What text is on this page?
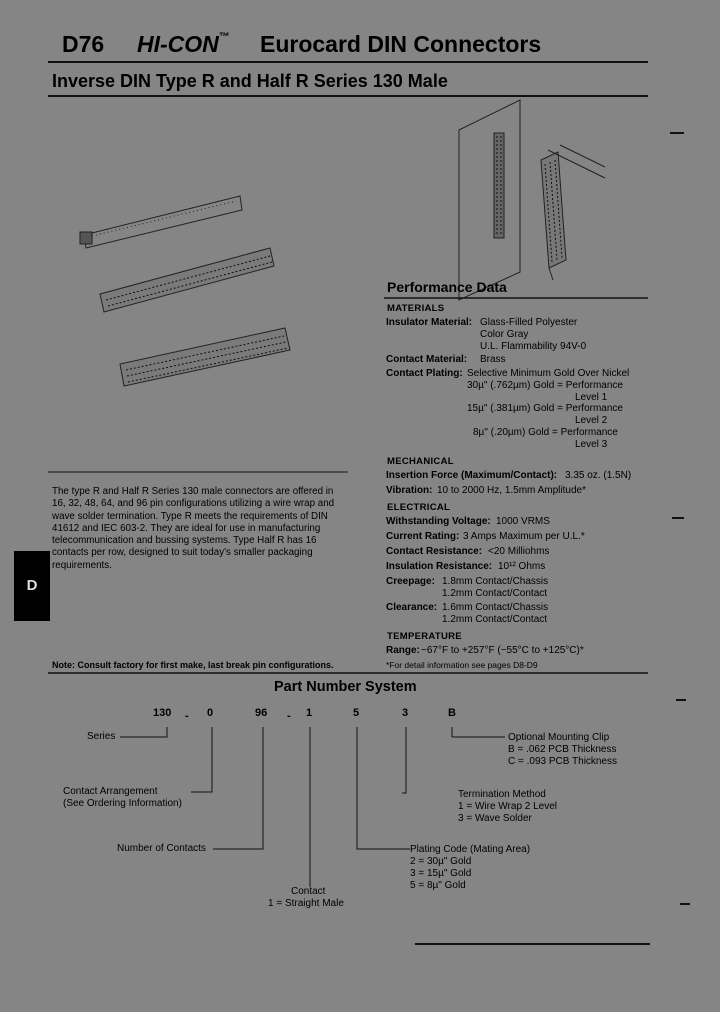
D76 HI-CON™ Eurocard DIN Connectors
Inverse DIN Type R and Half R Series 130 Male
Performance Data
MATERIALS
Insulator Material: Glass-Filled Polyester
Color Gray
U.L. Flammability 94V-0
Contact Material: Brass
Contact Plating: Selective Minimum Gold Over Nickel
30µ" (.762µm) Gold = Performance
Level 1
15µ" (.381µm) Gold = Performance
Level 2
8µ" (.20µm) Gold = Performance
Level 3
MECHANICAL
Insertion Force (Maximum/Contact): 3.35 oz. (1.5N)
Vibration: 10 to 2000 Hz, 1.5mm Amplitude*
ELECTRICAL
Withstanding Voltage: 1000 VRMS
Current Rating: 3 Amps Maximum per U.L.*
Contact Resistance: <20 Milliohms
Insulation Resistance: 10¹² Ohms
Creepage: 1.8mm Contact/Chassis
1.2mm Contact/Contact
Clearance: 1.6mm Contact/Chassis
1.2mm Contact/Contact
TEMPERATURE
Range: −67°F to +257°F (−55°C to +125°C)*
*For detail information see pages D8-D9
The type R and Half R Series 130 male connectors are offered in 16, 32, 48, 64, and 96 pin configurations utilizing a wire wrap and wave solder termination. Type R meets the requirements of DIN 41612 and IEC 603-2. They are ideal for use in manufacturing telecommunication and bussing systems. Type Half R has 16 contacts per row, designed to suit today's smaller packaging requirements.
D
Note: Consult factory for first make, last break pin configurations.
Part Number System
130 - 0	96 - 1	5	3	B
Series
Contact Arrangement
(See Ordering Information)
Number of Contacts
Contact
1 = Straight Male
Plating Code (Mating Area)
2 = 30µ" Gold
3 = 15µ" Gold
5 = 8µ" Gold
Termination Method
1 = Wire Wrap 2 Level
3 = Wave Solder
Optional Mounting Clip
B = .062 PCB Thickness
C = .093 PCB Thickness
